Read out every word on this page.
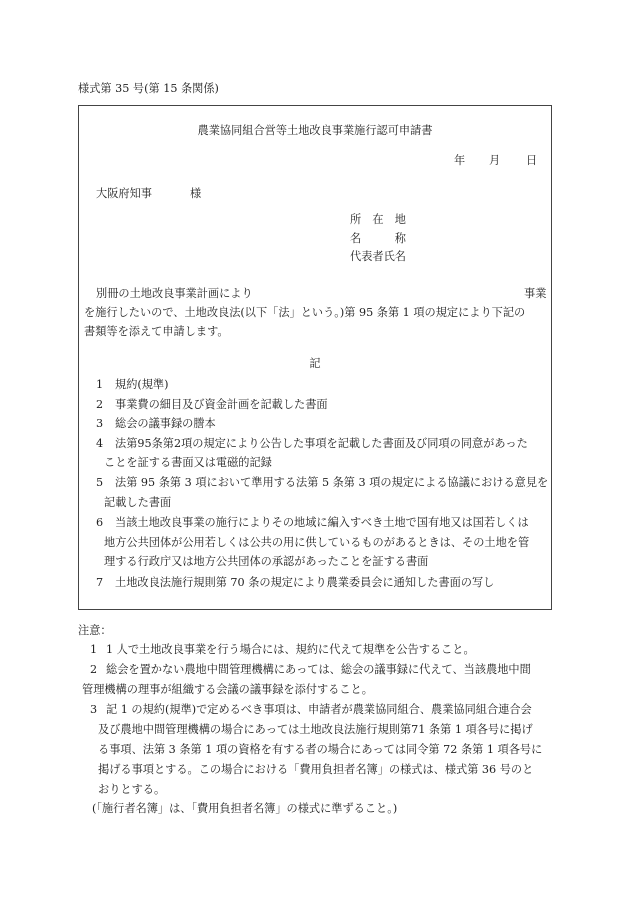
様式第 35 号(第 15 条関係)
農業協同組合営等土地改良事業施行認可申請書
年 月 日
大阪府知事	様
所　在　地
名　　　称
代表者氏名
別冊の土地改良事業計画により	事業
を施行したいので、土地改良法(以下「法」という。)第 95 条第 1 項の規定により下記の
書類等を添えて申請します。
記
1 規約(規準)
2 事業費の細目及び資金計画を記載した書面
3 総会の議事録の謄本
4 法第95条第2項の規定により公告した事項を記載した書面及び同項の同意があった
ことを証する書面又は電磁的記録
5 法第 95 条第 3 項において準用する法第 5 条第 3 項の規定による協議における意見を
記載した書面
6 当該土地改良事業の施行によりその地域に編入すべき土地で国有地又は国若しくは
地方公共団体が公用若しくは公共の用に供しているものがあるときは、その土地を管
理する行政庁又は地方公共団体の承認があったことを証する書面
7 土地改良法施行規則第 70 条の規定により農業委員会に通知した書面の写し
注意：
1 1 人で土地改良事業を行う場合には、規約に代えて規準を公告すること。
2 総会を置かない農地中間管理機構にあっては、総会の議事録に代えて、当該農地中間
管理機構の理事が組織する会議の議事録を添付すること。
3 記 1 の規約(規準)で定めるべき事項は、申請者が農業協同組合、農業協同組合連合会
及び農地中間管理機構の場合にあっては土地改良法施行規則第71 条第 1 項各号に掲げ
る事項、法第 3 条第 1 項の資格を有する者の場合にあっては同令第 72 条第 1 項各号に
掲げる事項とする。この場合における「費用負担者名簿」の様式は、様式第 36 号のと
おりとする。
(「施行者名簿」は、「費用負担者名簿」の様式に準ずること。)
